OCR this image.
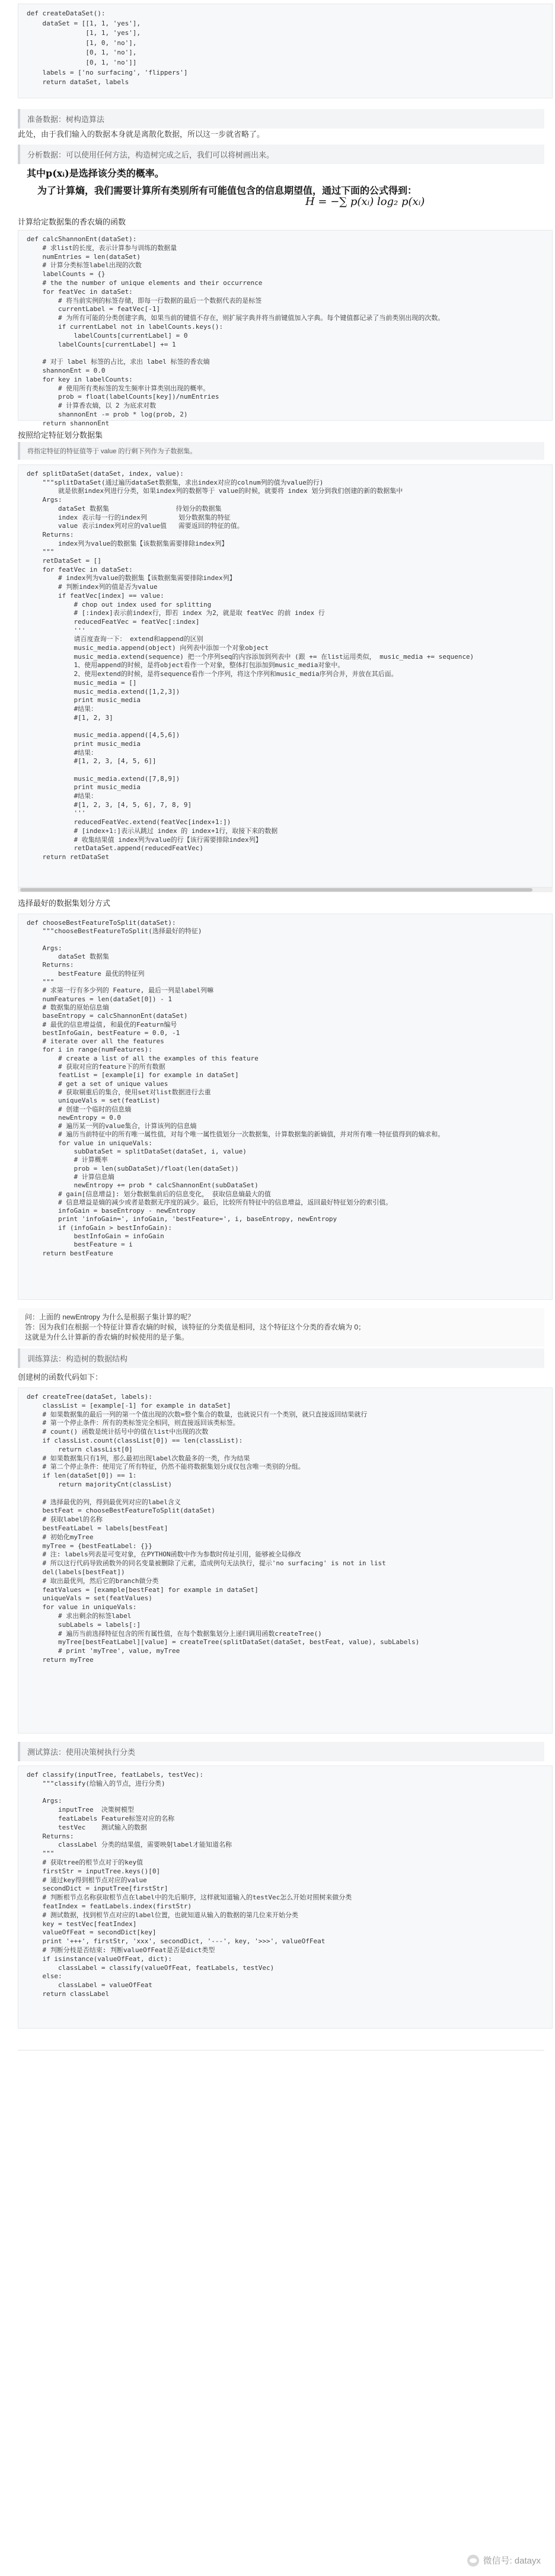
def createDataSet():
dataSet = [[1, 1, 'yes'],
[1, 1, 'yes'],
[1, 0, 'no'],
[0, 1, 'no'],
[0, 1, 'no']]
labels = ['no surfacing', 'flippers']
return dataSet, labels
准备数据：树构造算法
此处，由于我们输入的数据本身就是离散化数据，所以这一步就省略了。
分析数据：可以使用任何方法，构造树完成之后，我们可以将树画出来。
其中p(xᵢ)是选择该分类的概率。
为了计算熵，我们需要计算所有类别所有可能值包含的信息期望值，通过下面的公式得到：
H = −∑ p(xᵢ) log₂ p(xᵢ)
计算给定数据集的香农熵的函数
def calcShannonEnt(dataSet):
# 求list的长度，表示计算参与训练的数据量
numEntries = len(dataSet)
# 计算分类标签label出现的次数
labelCounts = {}
# the the number of unique elements and their occurrence
for featVec in dataSet:
# 将当前实例的标签存储，即每一行数据的最后一个数据代表的是标签
currentLabel = featVec[-1]
# 为所有可能的分类创建字典，如果当前的键值不存在，则扩展字典并将当前键值加入字典。每个键值都记录了当前类别出现的次数。
if currentLabel not in labelCounts.keys():
labelCounts[currentLabel] = 0
labelCounts[currentLabel] += 1

# 对于 label 标签的占比，求出 label 标签的香农熵
shannonEnt = 0.0
for key in labelCounts:
# 使用所有类标签的发生频率计算类别出现的概率。
prob = float(labelCounts[key])/numEntries
# 计算香农熵，以 2 为底求对数
shannonEnt -= prob * log(prob, 2)
return shannonEnt
按照给定特征划分数据集
将指定特征的特征值等于 value 的行剩下列作为子数据集。
def splitDataSet(dataSet, index, value):
"""splitDataSet(通过遍历dataSet数据集，求出index对应的colnum列的值为value的行)
就是依据index列进行分类，如果index列的数据等于 value的时候，就要将 index 划分到我们创建的新的数据集中
Args:
dataSet 数据集                 待划分的数据集
index 表示每一行的index列        划分数据集的特征
value 表示index列对应的value值   需要返回的特征的值。
Returns:
index列为value的数据集【该数据集需要排除index列】
"""
retDataSet = []
for featVec in dataSet:
# index列为value的数据集【该数据集需要排除index列】
# 判断index列的值是否为value
if featVec[index] == value:
# chop out index used for splitting
# [:index]表示前index行，即若 index 为2，就是取 featVec 的前 index 行
reducedFeatVec = featVec[:index]
'''
请百度查询一下： extend和append的区别
music_media.append(object) 向列表中添加一个对象object
music_media.extend(sequence) 把一个序列seq的内容添加到列表中 (跟 += 在list运用类似， music_media += sequence)
1、使用append的时候，是将object看作一个对象，整体打包添加到music_media对象中。
2、使用extend的时候，是将sequence看作一个序列，将这个序列和music_media序列合并，并放在其后面。
music_media = []
music_media.extend([1,2,3])
print music_media
#结果：
#[1, 2, 3]

music_media.append([4,5,6])
print music_media
#结果：
#[1, 2, 3, [4, 5, 6]]

music_media.extend([7,8,9])
print music_media
#结果：
#[1, 2, 3, [4, 5, 6], 7, 8, 9]
'''
reducedFeatVec.extend(featVec[index+1:])
# [index+1:]表示从跳过 index 的 index+1行，取接下来的数据
# 收集结果值 index列为value的行【该行需要排除index列】
retDataSet.append(reducedFeatVec)
return retDataSet
选择最好的数据集划分方式
def chooseBestFeatureToSplit(dataSet):
"""chooseBestFeatureToSplit(选择最好的特征)

Args:
dataSet 数据集
Returns:
bestFeature 最优的特征列
"""
# 求第一行有多少列的 Feature, 最后一列是label列嘛
numFeatures = len(dataSet[0]) - 1
# 数据集的原始信息熵
baseEntropy = calcShannonEnt(dataSet)
# 最优的信息增益值, 和最优的Featurn编号
bestInfoGain, bestFeature = 0.0, -1
# iterate over all the features
for i in range(numFeatures):
# create a list of all the examples of this feature
# 获取对应的feature下的所有数据
featList = [example[i] for example in dataSet]
# get a set of unique values
# 获取剔重后的集合，使用set对list数据进行去重
uniqueVals = set(featList)
# 创建一个临时的信息熵
newEntropy = 0.0
# 遍历某一列的value集合，计算该列的信息熵
# 遍历当前特征中的所有唯一属性值，对每个唯一属性值划分一次数据集，计算数据集的新熵值，并对所有唯一特征值得到的熵求和。
for value in uniqueVals:
subDataSet = splitDataSet(dataSet, i, value)
# 计算概率
prob = len(subDataSet)/float(len(dataSet))
# 计算信息熵
newEntropy += prob * calcShannonEnt(subDataSet)
# gain[信息增益]: 划分数据集前后的信息变化， 获取信息熵最大的值
# 信息增益是熵的减少或者是数据无序度的减少。最后，比较所有特征中的信息增益，返回最好特征划分的索引值。
infoGain = baseEntropy - newEntropy
print 'infoGain=', infoGain, 'bestFeature=', i, baseEntropy, newEntropy
if (infoGain > bestInfoGain):
bestInfoGain = infoGain
bestFeature = i
return bestFeature
问：上面的 newEntropy 为什么是根据子集计算的呢？
答：因为我们在根据一个特征计算香农熵的时候，该特征的分类值是相同，这个特征这个分类的香农熵为 0；
这就是为什么计算新的香农熵的时候使用的是子集。
训练算法：构造树的数据结构
创建树的函数代码如下：
def createTree(dataSet, labels):
classList = [example[-1] for example in dataSet]
# 如果数据集的最后一列的第一个值出现的次数=整个集合的数量，也就说只有一个类别，就只直接返回结果就行
# 第一个停止条件：所有的类标签完全相同，则直接返回该类标签。
# count() 函数是统计括号中的值在list中出现的次数
if classList.count(classList[0]) == len(classList):
return classList[0]
# 如果数据集只有1列，那么最初出现label次数最多的一类，作为结果
# 第二个停止条件：使用完了所有特征，仍然不能将数据集划分成仅包含唯一类别的分组。
if len(dataSet[0]) == 1:
return majorityCnt(classList)

# 选择最优的列，得到最优列对应的label含义
bestFeat = chooseBestFeatureToSplit(dataSet)
# 获取label的名称
bestFeatLabel = labels[bestFeat]
# 初始化myTree
myTree = {bestFeatLabel: {}}
# 注: labels列表是可变对象，在PYTHON函数中作为参数时传址引用，能够被全局修改
# 所以这行代码导致函数外的同名变量被删除了元素，造成例句无法执行，提示'no surfacing' is not in list
del(labels[bestFeat])
# 取出最优列，然后它的branch做分类
featValues = [example[bestFeat] for example in dataSet]
uniqueVals = set(featValues)
for value in uniqueVals:
# 求出剩余的标签label
subLabels = labels[:]
# 遍历当前选择特征包含的所有属性值，在每个数据集划分上递归调用函数createTree()
myTree[bestFeatLabel][value] = createTree(splitDataSet(dataSet, bestFeat, value), subLabels)
# print 'myTree', value, myTree
return myTree
测试算法：使用决策树执行分类
def classify(inputTree, featLabels, testVec):
"""classify(给输入的节点，进行分类)

Args:
inputTree  决策树模型
featLabels Feature标签对应的名称
testVec    测试输入的数据
Returns:
classLabel 分类的结果值，需要映射label才能知道名称
"""
# 获取tree的根节点对于的key值
firstStr = inputTree.keys()[0]
# 通过key得到根节点对应的value
secondDict = inputTree[firstStr]
# 判断根节点名称获取根节点在label中的先后顺序，这样就知道输入的testVec怎么开始对照树来做分类
featIndex = featLabels.index(firstStr)
# 测试数据，找到根节点对应的label位置，也就知道从输入的数据的第几位来开始分类
key = testVec[featIndex]
valueOfFeat = secondDict[key]
print '+++', firstStr, 'xxx', secondDict, '---', key, '>>>', valueOfFeat
# 判断分枝是否结束: 判断valueOfFeat是否是dict类型
if isinstance(valueOfFeat, dict):
classLabel = classify(valueOfFeat, featLabels, testVec)
else:
classLabel = valueOfFeat
return classLabel
微信号: datayx
